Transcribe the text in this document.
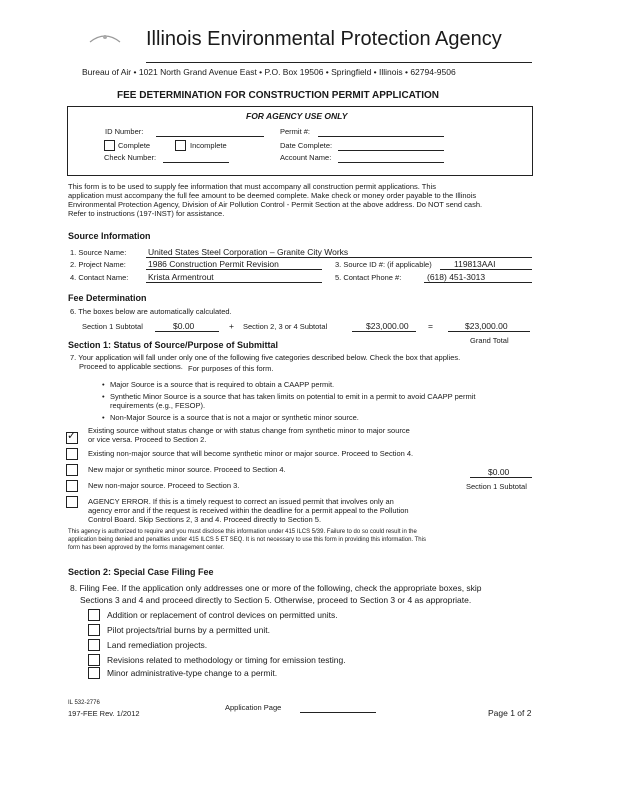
Illinois Environmental Protection Agency
Bureau of Air • 1021 North Grand Avenue East • P.O. Box 19506 • Springfield • Illinois • 62794-9506
FEE DETERMINATION FOR CONSTRUCTION PERMIT APPLICATION
FOR AGENCY USE ONLY
ID Number:	Permit #:
Complete	Incomplete	Date Complete:
Check Number:	Account Name:
This form is to be used to supply fee information that must accompany all construction permit applications. This
application must accompany the full fee amount to be deemed complete. Make check or money order payable to the Illinois
Environmental Protection Agency, Division of Air Pollution Control - Permit Section at the above address. Do NOT send cash.
Refer to instructions (197-INST) for assistance.
Source Information
1. Source Name:	United States Steel Corporation – Granite City Works
2. Project Name:	1986 Construction Permit Revision	3. Source ID #: (if applicable)	119813AAI
4. Contact Name: Krista Armentrout	5. Contact Phone #:	(618) 451-3013
Fee Determination
6. The boxes below are automatically calculated.
Section 1 Subtotal	$0.00	+ Section 2, 3 or 4 Subtotal	$23,000.00 =	$23,000.00
Grand Total
Section 1: Status of Source/Purpose of Submittal
7. Your application will fall under only one of the following five categories described below. Check the box that applies.
Proceed to applicable sections. For purposes of this form.
• Major Source is a source that is required to obtain a CAAPP permit.
• Synthetic Minor Source is a source that has taken limits on potential to emit in a permit to avoid CAAPP permit
requirements (e.g., FESOP).
• Non-Major Source is a source that is not a major or synthetic minor source.
✓ Existing source without status change or with status change from synthetic minor to major source
or vice versa. Proceed to Section 2.
Existing non-major source that will become synthetic minor or major source. Proceed to Section 4.
New major or synthetic minor source. Proceed to Section 4.	$0.00
New non-major source. Proceed to Section 3.	Section 1 Subtotal
AGENCY ERROR. If this is a timely request to correct an issued permit that involves only an
agency error and if the request is received within the deadline for a permit appeal to the Pollution
Control Board. Skip Sections 2, 3 and 4. Proceed directly to Section 5.
This agency is authorized to require and you must disclose this information under 415 ILCS 5/39. Failure to do so could result in the
application being denied and penalties under 415 ILCS 5 ET SEQ. It is not necessary to use this form in providing this information. This
form has been approved by the forms management center.
Section 2: Special Case Filing Fee
8. Filing Fee. If the application only addresses one or more of the following, check the appropriate boxes, skip
Sections 3 and 4 and proceed directly to Section 5. Otherwise, proceed to Section 3 or 4 as appropriate.
Addition or replacement of control devices on permitted units.
Pilot projects/trial burns by a permitted unit.
Land remediation projects.
Revisions related to methodology or timing for emission testing.
Minor administrative-type change to a permit.
IL 532-2776
197-FEE Rev. 1/2012
Application Page
Page 1 of 2
